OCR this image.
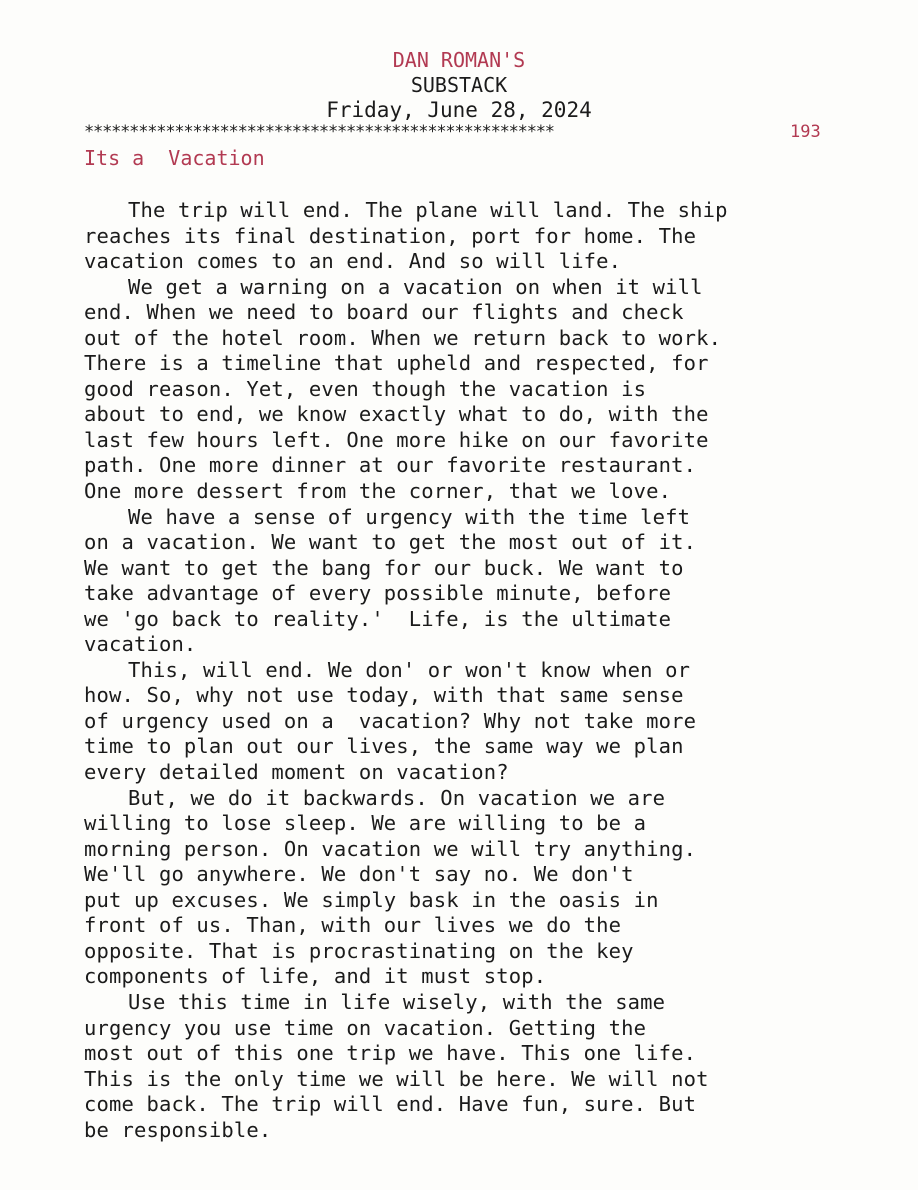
DAN ROMAN'S
SUBSTACK
Friday, June 28, 2024
****************************************************	193
Its a  Vacation
The trip will end. The plane will land. The ship
reaches its final destination, port for home. The
vacation comes to an end. And so will life.
We get a warning on a vacation on when it will
end. When we need to board our flights and check
out of the hotel room. When we return back to work.
There is a timeline that upheld and respected, for
good reason. Yet, even though the vacation is
about to end, we know exactly what to do, with the
last few hours left. One more hike on our favorite
path. One more dinner at our favorite restaurant.
One more dessert from the corner, that we love.
We have a sense of urgency with the time left
on a vacation. We want to get the most out of it.
We want to get the bang for our buck. We want to
take advantage of every possible minute, before
we 'go back to reality.'  Life, is the ultimate
vacation.
This, will end. We don' or won't know when or
how. So, why not use today, with that same sense
of urgency used on a  vacation? Why not take more
time to plan out our lives, the same way we plan
every detailed moment on vacation?
But, we do it backwards. On vacation we are
willing to lose sleep. We are willing to be a
morning person. On vacation we will try anything.
We'll go anywhere. We don't say no. We don't
put up excuses. We simply bask in the oasis in
front of us. Than, with our lives we do the
opposite. That is procrastinating on the key
components of life, and it must stop.
Use this time in life wisely, with the same
urgency you use time on vacation. Getting the
most out of this one trip we have. This one life.
This is the only time we will be here. We will not
come back. The trip will end. Have fun, sure. But
be responsible.
